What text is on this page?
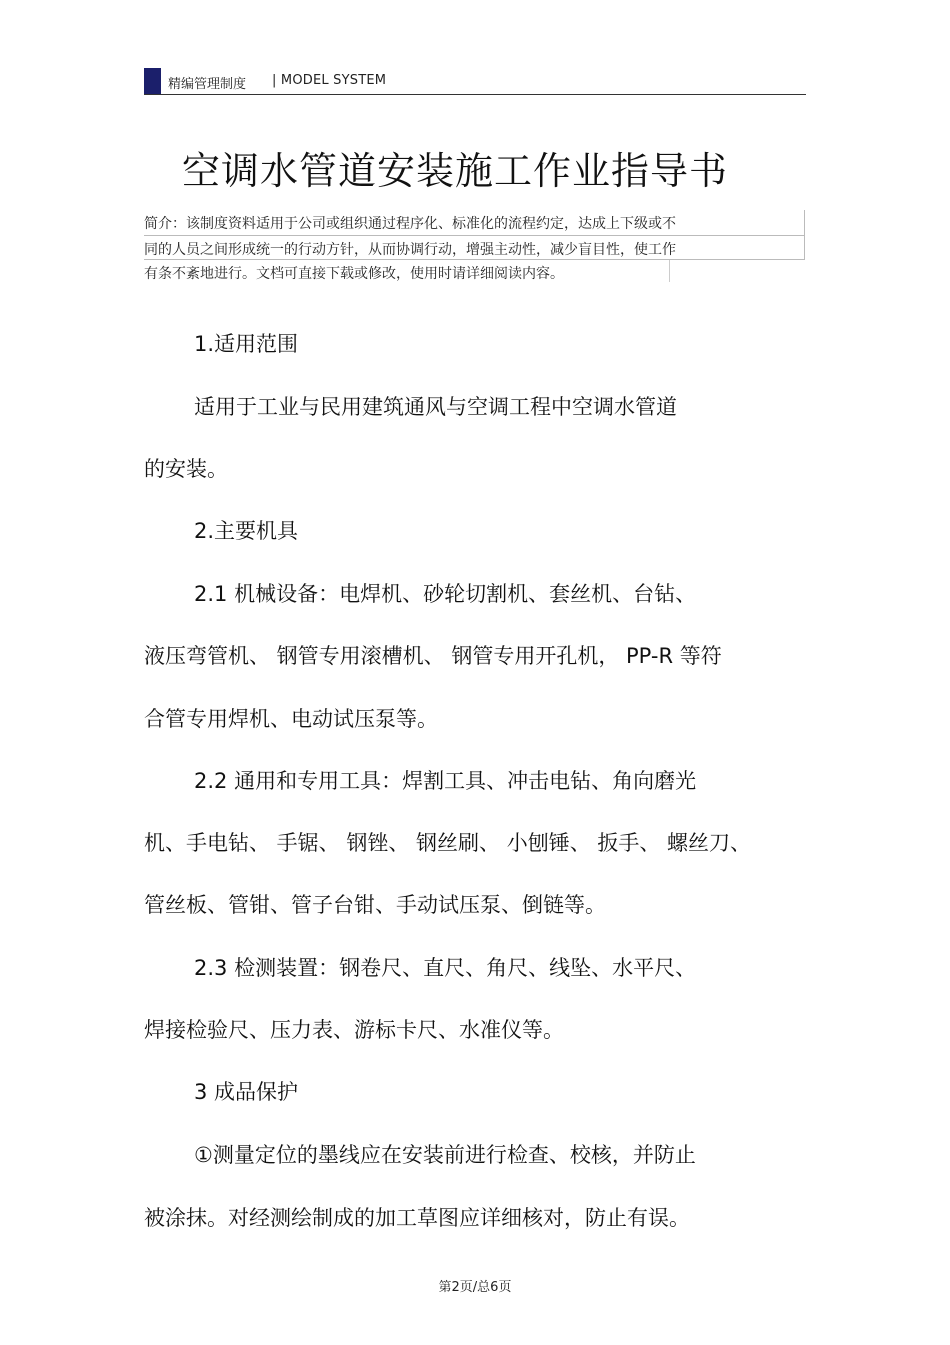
精编管理制度 | MODEL SYSTEM
空调水管道安装施工作业指导书
简介：该制度资料适用于公司或组织通过程序化、标准化的流程约定，达成上下级或不
同的人员之间形成统一的行动方针，从而协调行动，增强主动性，减少盲目性，使工作
有条不紊地进行。文档可直接下载或修改，使用时请详细阅读内容。
1.适用范围
适用于工业与民用建筑通风与空调工程中空调水管道
的安装。
2.主要机具
2.1 机械设备：电焊机、砂轮切割机、套丝机、台钻、
液压弯管机、 钢管专用滚槽机、 钢管专用开孔机， PP-R 等符
合管专用焊机、电动试压泵等。
2.2 通用和专用工具：焊割工具、冲击电钻、角向磨光
机、手电钻、 手锯、 钢锉、 钢丝刷、 小刨锤、 扳手、 螺丝刀、
管丝板、管钳、管子台钳、手动试压泵、倒链等。
2.3 检测装置：钢卷尺、直尺、角尺、线坠、水平尺、
焊接检验尺、压力表、游标卡尺、水准仪等。
3 成品保护
①测量定位的墨线应在安装前进行检查、校核，并防止
被涂抹。对经测绘制成的加工草图应详细核对，防止有误。
第2页/总6页
